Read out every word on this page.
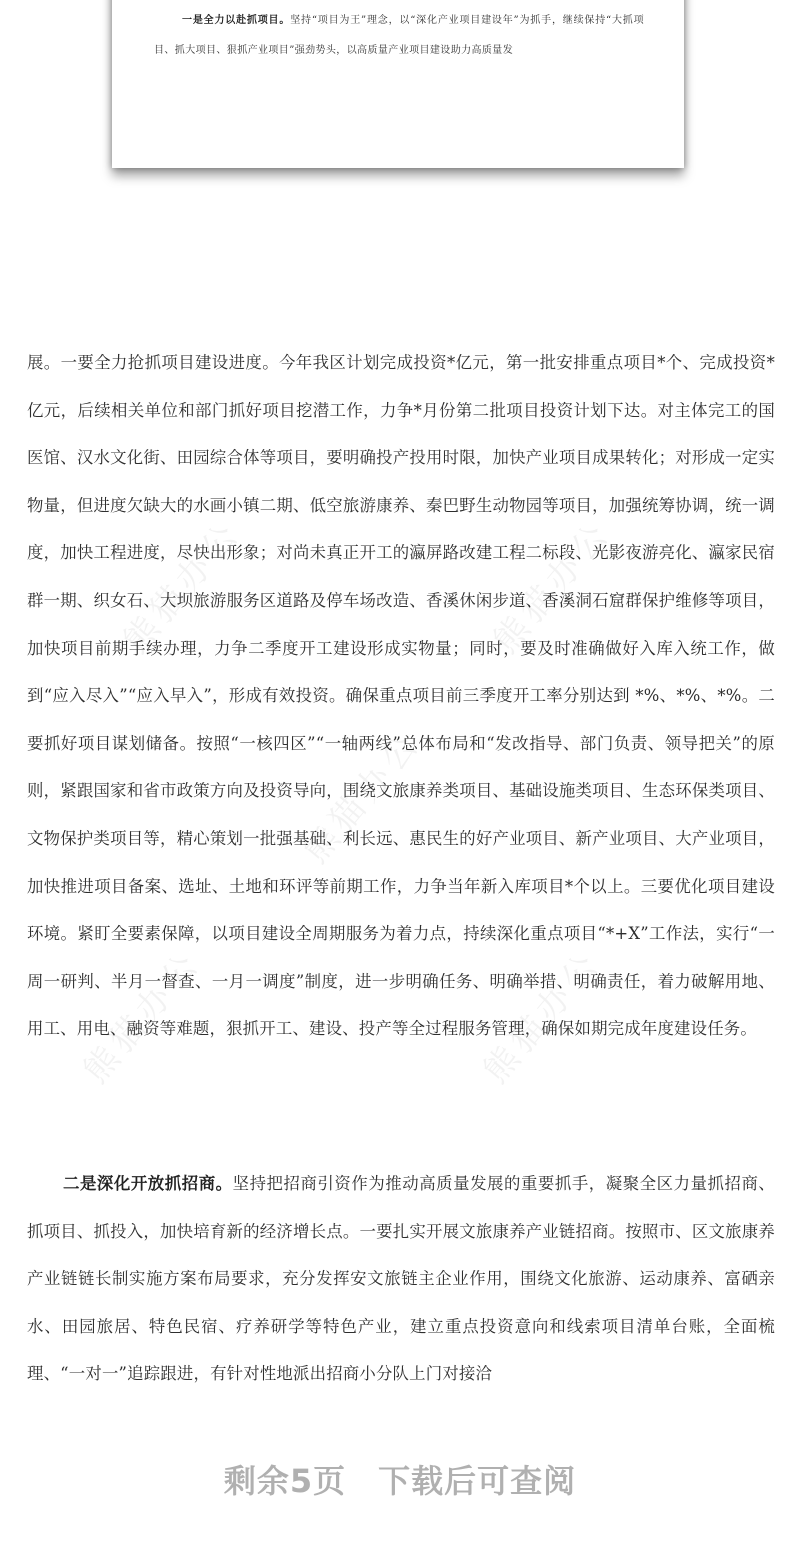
一是全力以赴抓项目。坚持“项目为王”理念，以“深化产业项目建设年”为抓手，继续保持“大抓项目、抓大项目、狠抓产业项目”强劲势头，以高质量产业项目建设助力高质量发
熊猫办公	熊猫办公
熊猫办公
熊猫办公	熊猫办公

展。一要全力抢抓项目建设进度。今年我区计划完成投资*亿元，第一批安排重点项目*个、完成投资*亿元，后续相关单位和部门抓好项目挖潜工作，力争*月份第二批项目投资计划下达。对主体完工的国医馆、汉水文化街、田园综合体等项目，要明确投产投用时限，加快产业项目成果转化；对形成一定实物量，但进度欠缺大的水画小镇二期、低空旅游康养、秦巴野生动物园等项目，加强统筹协调，统一调度，加快工程进度，尽快出形象；对尚未真正开工的瀛屏路改建工程二标段、光影夜游亮化、瀛家民宿群一期、织女石、大坝旅游服务区道路及停车场改造、香溪休闲步道、香溪洞石窟群保护维修等项目，加快项目前期手续办理，力争二季度开工建设形成实物量；同时，要及时准确做好入库入统工作，做到“应入尽入”“应入早入”，形成有效投资。确保重点项目前三季度开工率分别达到 *%、*%、*%。二要抓好项目谋划储备。按照“一核四区”“一轴两线”总体布局和“发改指导、部门负责、领导把关”的原则，紧跟国家和省市政策方向及投资导向，围绕文旅康养类项目、基础设施类项目、生态环保类项目、文物保护类项目等，精心策划一批强基础、利长远、惠民生的好产业项目、新产业项目、大产业项目，加快推进项目备案、选址、土地和环评等前期工作，力争当年新入库项目*个以上。三要优化项目建设环境。紧盯全要素保障，以项目建设全周期服务为着力点，持续深化重点项目“*+X”工作法，实行“一周一研判、半月一督查、一月一调度”制度，进一步明确任务、明确举措、明确责任，着力破解用地、用工、用电、融资等难题，狠抓开工、建设、投产等全过程服务管理，确保如期完成年度建设任务。

二是深化开放抓招商。坚持把招商引资作为推动高质量发展的重要抓手，凝聚全区力量抓招商、抓项目、抓投入，加快培育新的经济增长点。一要扎实开展文旅康养产业链招商。按照市、区文旅康养产业链链长制实施方案布局要求，充分发挥安文旅链主企业作用，围绕文化旅游、运动康养、富硒亲水、田园旅居、特色民宿、疗养研学等特色产业，建立重点投资意向和线索项目清单台账，全面梳理、“一对一”追踪跟进，有针对性地派出招商小分队上门对接洽
剩余5页 下载后可查阅
